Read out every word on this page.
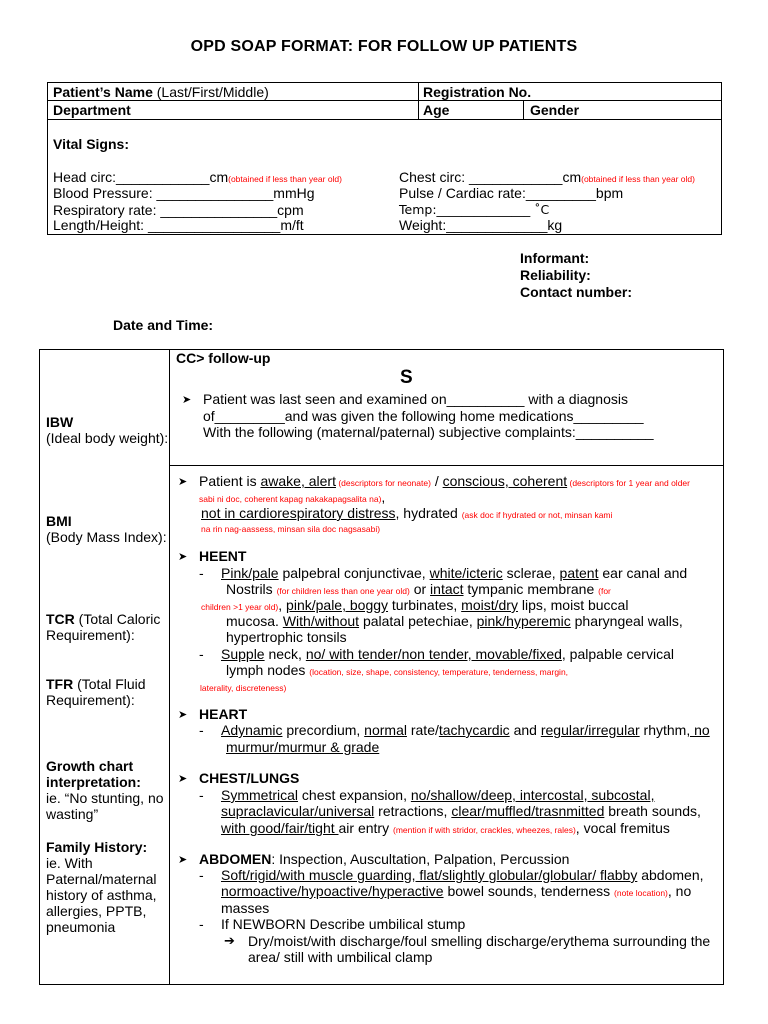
OPD SOAP FORMAT: FOR FOLLOW UP PATIENTS
Patient’s Name (Last/First/Middle)	Registration No.
Department	Age	Gender
Vital Signs:
Head circ:____________cm(obtained if less than year old)	Chest circ: ____________cm(obtained if less than year old)
Blood Pressure: _______________mmHg	Pulse / Cardiac rate:_________bpm
Respiratory rate: _______________cpm	Temp:_______________ ˚C
Length/Height: _________________m/ft	Weight:_____________kg
Informant:
Reliability:
Contact number:
Date and Time:
IBW
(Ideal body weight):
BMI
(Body Mass Index):
TCR (Total Caloric Requirement):
TFR (Total Fluid Requirement):
Growth chart interpretation:
ie. “No stunting, no wasting”
Family History:
ie. With Paternal/maternal history of asthma, allergies, PPTB, pneumonia
CC> follow-up
S
➤ Patient was last seen and examined on__________ with a diagnosis
of_________and was given the following home medications_________
With the following (maternal/paternal) subjective complaints:__________
➤ Patient is awake, alert (descriptors for neonate) / conscious, coherent (descriptors for 1 year and older
sabi ni doc, coherent kapag nakakapagsalita na),
not in cardiorespiratory distress, hydrated (ask doc if hydrated or not, minsan kami
na rin nag-aassess, minsan sila doc nagsasabi)
➤ HEENT
- Pink/pale palpebral conjunctivae, white/icteric sclerae, patent ear canal and
Nostrils (for children less than one year old) or intact tympanic membrane (for
children >1 year old), pink/pale, boggy turbinates, moist/dry lips, moist buccal
mucosa. With/without palatal petechiae, pink/hyperemic pharyngeal walls,
hypertrophic tonsils
- Supple neck, no/ with tender/non tender, movable/fixed, palpable cervical
lymph nodes (location, size, shape, consistency, temperature, tenderness, margin,
laterality, discreteness)
➤ HEART
- Adynamic precordium, normal rate/tachycardic and regular/irregular rhythm, no
murmur/murmur & grade
➤ CHEST/LUNGS
- Symmetrical chest expansion, no/shallow/deep, intercostal, subcostal,
supraclavicular/universal retractions, clear/muffled/trasnmitted breath sounds,
with good/fair/tight air entry (mention if with stridor, crackles, wheezes, rales), vocal fremitus
➤ ABDOMEN: Inspection, Auscultation, Palpation, Percussion
- Soft/rigid/with muscle guarding, flat/slightly globular/globular/ flabby abdomen,
normoactive/hypoactive/hyperactive bowel sounds, tenderness (note location), no
masses
- If NEWBORN Describe umbilical stump
➔ Dry/moist/with discharge/foul smelling discharge/erythema surrounding the
area/ still with umbilical clamp
